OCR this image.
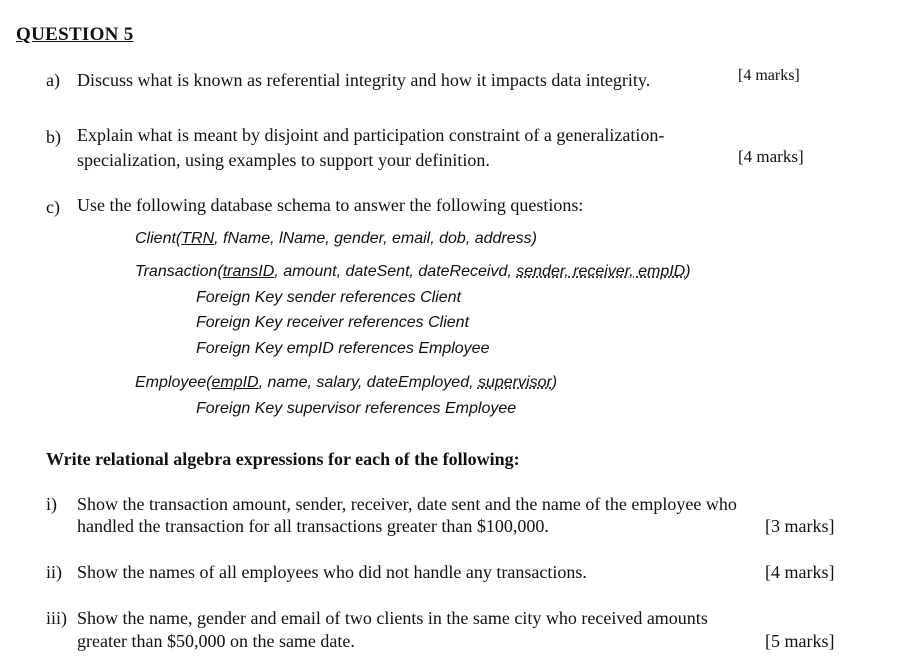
QUESTION 5
a) Discuss what is known as referential integrity and how it impacts data integrity.	[4 marks]
b) Explain what is meant by disjoint and participation constraint of a generalization-
specialization, using examples to support your definition.	[4 marks]
c) Use the following database schema to answer the following questions:
Client(TRN, fName, lName, gender, email, dob, address)
Transaction(transID, amount, dateSent, dateReceivd, sender, receiver, empID)
Foreign Key sender references Client
Foreign Key receiver references Client
Foreign Key empID references Employee
Employee(empID, name, salary, dateEmployed, supervisor)
Foreign Key supervisor references Employee
Write relational algebra expressions for each of the following:
i) Show the transaction amount, sender, receiver, date sent and the name of the employee who
handled the transaction for all transactions greater than $100,000.	[3 marks]
ii) Show the names of all employees who did not handle any transactions.	[4 marks]
iii) Show the name, gender and email of two clients in the same city who received amounts
greater than $50,000 on the same date.	[5 marks]
